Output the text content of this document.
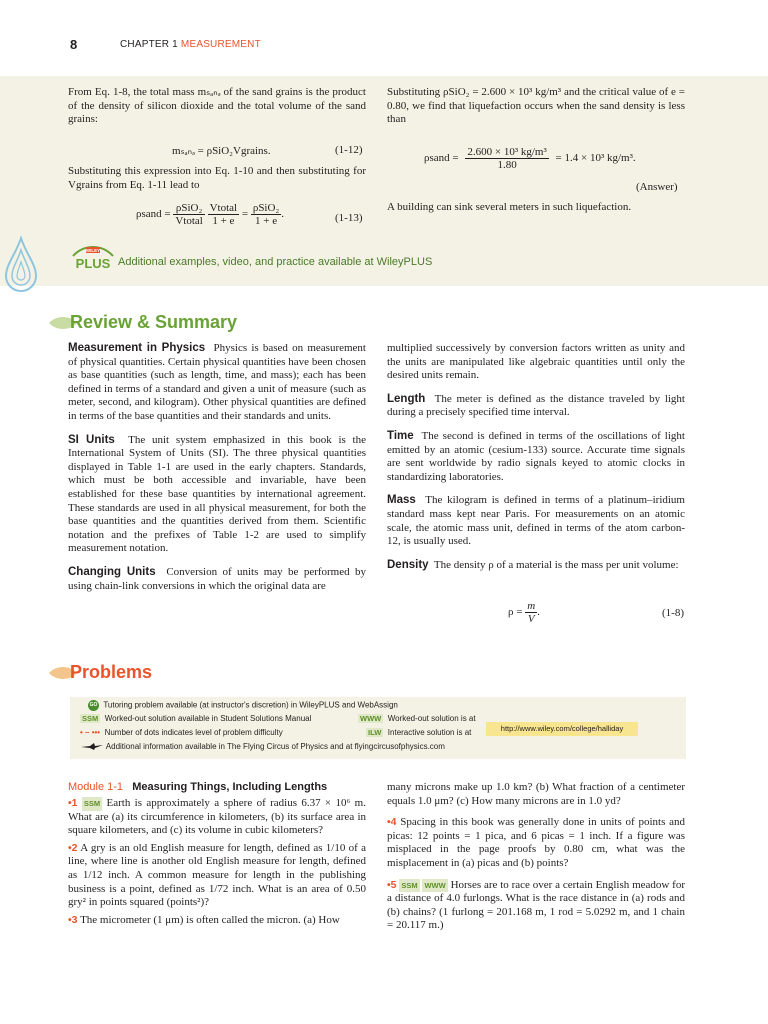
8	CHAPTER 1 MEASUREMENT

From Eq. 1-8, the total mass mₛₐₙₔ of the sand grains is the product of the density of silicon dioxide and the total volume of the sand grains:

mₛₐₙₔ = ρSiO₂Vgrains.	(1-12)

Substituting this expression into Eq. 1-10 and then substituting for Vgrains from Eq. 1-11 lead to

ρsand = $\frac{\text{ρSiO₂}}{\text{Vtotal}}$
$\frac{\text{Vtotal}}{1 + e} = \frac{\text{ρSiO₂}}{1 + e}$ .	(1-13)

Substituting ρSiO₂ = 2.600 × 10³ kg/m³ and the critical value of e = 0.80, we find that liquefaction occurs when the sand density is less than

ρsand = $\frac{\text{2.600 × 10³ kg/m³}}{1.80} = 1.4 \times 10^3$ kg/m³.
(Answer)

A building can sink several meters in such liquefaction.

WILEY
PLUS Additional examples, video, and practice available at WileyPLUS
Review & Summary

Measurement in Physics Physics is based on measurement of physical quantities. Certain physical quantities have been chosen as base quantities (such as length, time, and mass); each has been defined in terms of a standard and given a unit of measure (such as meter, second, and kilogram). Other physical quantities are defined in terms of the base quantities and their standards and units.

SI Units The unit system emphasized in this book is the International System of Units (SI). The three physical quantities displayed in Table 1-1 are used in the early chapters. Standards, which must be both accessible and invariable, have been established for these base quantities by international agreement. These standards are used in all physical measurement, for both the base quantities and the quantities derived from them. Scientific notation and the prefixes of Table 1-2 are used to simplify measurement notation.

Changing Units Conversion of units may be performed by using chain-link conversions in which the original data are

multiplied successively by conversion factors written as unity and the units are manipulated like algebraic quantities until only the desired units remain.

Length The meter is defined as the distance traveled by light during a precisely specified time interval.

Time The second is defined in terms of the oscillations of light emitted by an atomic (cesium-133) source. Accurate time signals are sent worldwide by radio signals keyed to atomic clocks in standardizing laboratories.

Mass The kilogram is defined in terms of a platinum–iridium standard mass kept near Paris. For measurements on an atomic scale, the atomic mass unit, defined in terms of the atom carbon-12, is usually used.

Density The density ρ of a material is the mass per unit volume:

$\rho = \frac{m}{V}$ .	(1-8)
Problems
GO Tutoring problem available (at instructor's discretion) in WileyPLUS and WebAssign
SSM Worked-out solution available in Student Solutions Manual	WWW Worked-out solution is at
• – ••• Number of dots indicates level of problem difficulty	ILW Interactive solution is at
Additional information available in The Flying Circus of Physics and at flyingcircusofphysics.com
http://www.wiley.com/college/halliday
Module 1-1 Measuring Things, Including Lengths

•1 SSM Earth is approximately a sphere of radius 6.37 × 10⁶ m. What are (a) its circumference in kilometers, (b) its surface area in square kilometers, and (c) its volume in cubic kilometers?

•2 A gry is an old English measure for length, defined as 1/10 of a line, where line is another old English measure for length, defined as 1/12 inch. A common measure for length in the publishing business is a point, defined as 1/72 inch. What is an area of 0.50 gry² in points squared (points²)?

•3 The micrometer (1 μm) is often called the micron. (a) How

many microns make up 1.0 km? (b) What fraction of a centimeter equals 1.0 μm? (c) How many microns are in 1.0 yd?

•4 Spacing in this book was generally done in units of points and picas: 12 points = 1 pica, and 6 picas = 1 inch. If a figure was misplaced in the page proofs by 0.80 cm, what was the misplacement in (a) picas and (b) points?

•5 SSM WWW Horses are to race over a certain English meadow for a distance of 4.0 furlongs. What is the race distance in (a) rods and (b) chains? (1 furlong = 201.168 m, 1 rod = 5.0292 m, and 1 chain = 20.117 m.)
